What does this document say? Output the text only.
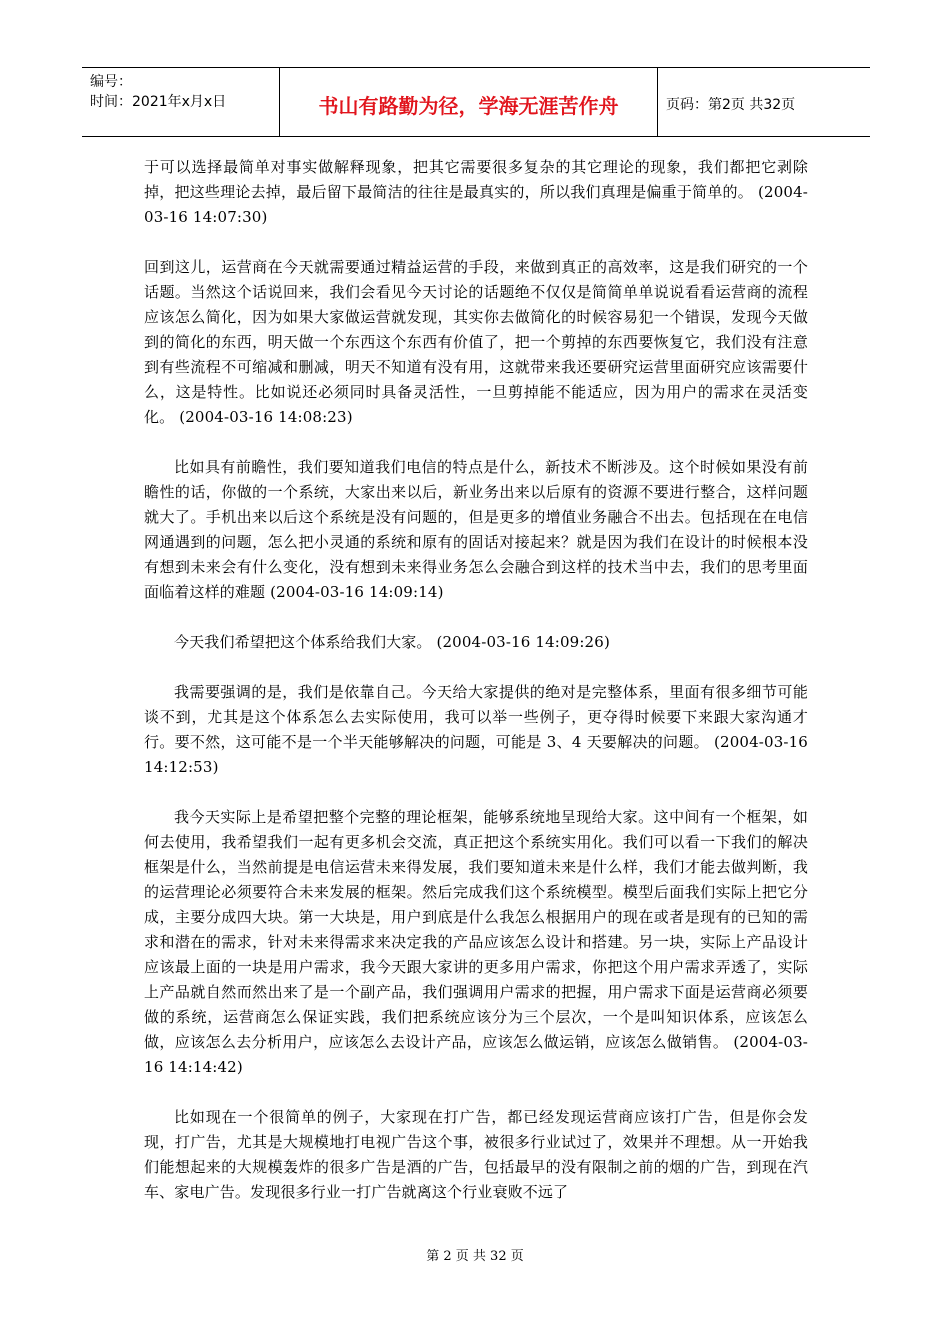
编号：
时间：2021年x月x日	书山有路勤为径，学海无涯苦作舟	页码：第2页 共32页

于可以选择最简单对事实做解释现象，把其它需要很多复杂的其它理论的现象，我们都把它剥除掉，把这些理论去掉，最后留下最简洁的往往是最真实的，所以我们真理是偏重于简单的。 (2004-03-16 14:07:30)

回到这儿，运营商在今天就需要通过精益运营的手段，来做到真正的高效率，这是我们研究的一个话题。当然这个话说回来，我们会看见今天讨论的话题绝不仅仅是简简单单说说看看运营商的流程应该怎么简化，因为如果大家做运营就发现，其实你去做简化的时候容易犯一个错误，发现今天做到的简化的东西，明天做一个东西这个东西有价值了，把一个剪掉的东西要恢复它，我们没有注意到有些流程不可缩减和删减，明天不知道有没有用，这就带来我还要研究运营里面研究应该需要什么，这是特性。比如说还必须同时具备灵活性，一旦剪掉能不能适应，因为用户的需求在灵活变化。 (2004-03-16 14:08:23)

比如具有前瞻性，我们要知道我们电信的特点是什么，新技术不断涉及。这个时候如果没有前瞻性的话，你做的一个系统，大家出来以后，新业务出来以后原有的资源不要进行整合，这样问题就大了。手机出来以后这个系统是没有问题的，但是更多的增值业务融合不出去。包括现在在电信网通遇到的问题，怎么把小灵通的系统和原有的固话对接起来？就是因为我们在设计的时候根本没有想到未来会有什么变化，没有想到未来得业务怎么会融合到这样的技术当中去，我们的思考里面面临着这样的难题 (2004-03-16 14:09:14)

今天我们希望把这个体系给我们大家。 (2004-03-16 14:09:26)

我需要强调的是，我们是依靠自己。今天给大家提供的绝对是完整体系，里面有很多细节可能谈不到，尤其是这个体系怎么去实际使用，我可以举一些例子，更夺得时候要下来跟大家沟通才行。要不然，这可能不是一个半天能够解决的问题，可能是 3、4 天要解决的问题。 (2004-03-16 14:12:53)

我今天实际上是希望把整个完整的理论框架，能够系统地呈现给大家。这中间有一个框架，如何去使用，我希望我们一起有更多机会交流，真正把这个系统实用化。我们可以看一下我们的解决框架是什么，当然前提是电信运营未来得发展，我们要知道未来是什么样，我们才能去做判断，我的运营理论必须要符合未来发展的框架。然后完成我们这个系统模型。模型后面我们实际上把它分成，主要分成四大块。第一大块是，用户到底是什么我怎么根据用户的现在或者是现有的已知的需求和潜在的需求，针对未来得需求来决定我的产品应该怎么设计和搭建。另一块，实际上产品设计应该最上面的一块是用户需求，我今天跟大家讲的更多用户需求，你把这个用户需求弄透了，实际上产品就自然而然出来了是一个副产品，我们强调用户需求的把握，用户需求下面是运营商必须要做的系统，运营商怎么保证实践，我们把系统应该分为三个层次，一个是叫知识体系，应该怎么做，应该怎么去分析用户，应该怎么去设计产品，应该怎么做运销，应该怎么做销售。 (2004-03-16 14:14:42)

比如现在一个很简单的例子，大家现在打广告，都已经发现运营商应该打广告，但是你会发现，打广告，尤其是大规模地打电视广告这个事，被很多行业试过了，效果并不理想。从一开始我们能想起来的大规模轰炸的很多广告是酒的广告，包括最早的没有限制之前的烟的广告，到现在汽车、家电广告。发现很多行业一打广告就离这个行业衰败不远了

第 2 页 共 32 页
